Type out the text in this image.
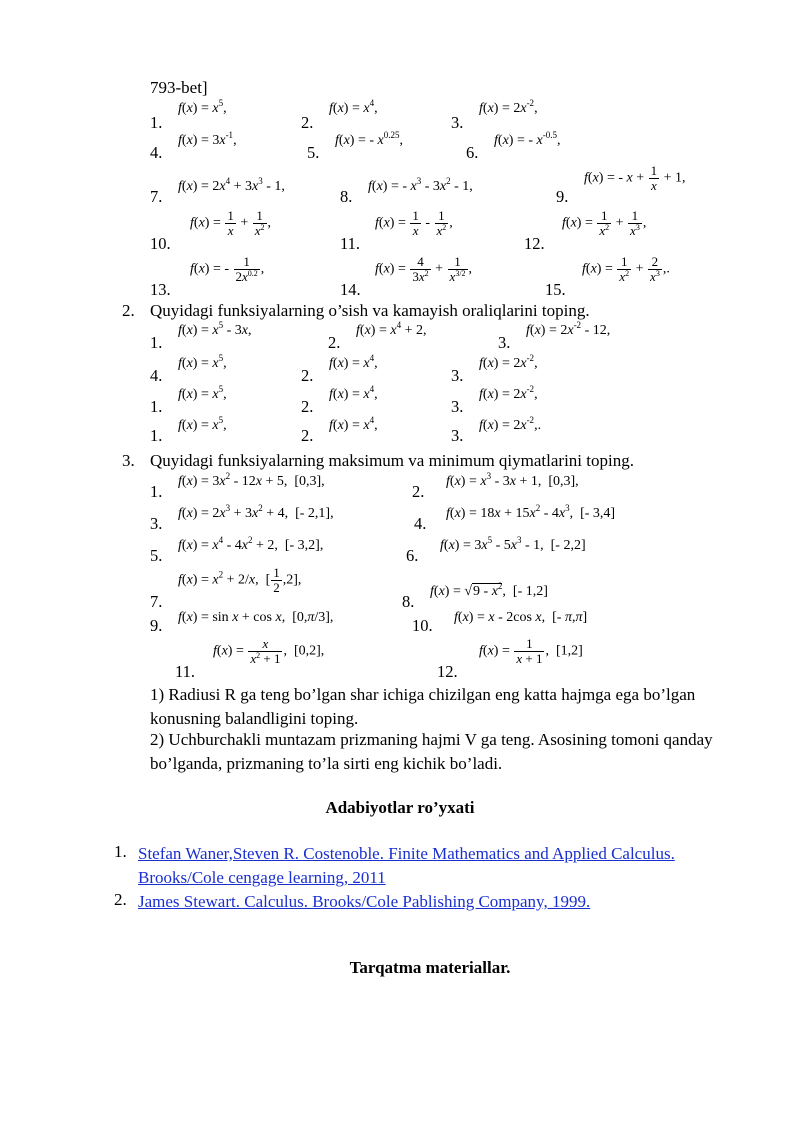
793-bet]
1.
$f(x) = x^5$,
2.
$f(x) = x^4$,
3.
$f(x) = 2x^{-2}$,
4.
$f(x) = 3x^{-1}$,
5.
f(x) = - $x^{0.25}$,
6.
f(x) = - $x^{-0.5}$,
7.
$f(x) = 2x^4 + 3x^3 - 1$,
8.
f(x) = - $x^3 - 3x^2 - 1$,
9.
f(x) = - $x + \frac{1}{x} + 1$,
10.
$f(x) = \frac{1}{x} + \frac{1}{x^2}$ ,
11.
$f(x) = \frac{1}{x} - \frac{1}{x^2}$ ,
12.
$f(x) = \frac{1}{x^2} + \frac{1}{x^3}$ ,
13.
f(x) = - $\frac{1}{2x^{0.2}}$ ,
14.
$f(x) = \frac{4}{3x^2} + \frac{1}{x^{3/2}}$ ,
15.
$f(x) = \frac{1}{x^2} + \frac{2}{x^3}$ ,.
2. Quyidagi funksiyalarning o’sish va kamayish oraliqlarini toping.
1.
$f(x) = x^5 - 3x$,
2.
$f(x) = x^4 + 2$,
3.
$f(x) = 2x^{-2} - 12$,
4.
$f(x) = x^5$,
2.
$f(x) = x^4$,
3.
$f(x) = 2x^{-2}$,
1.
$f(x) = x^5$,
2.
$f(x) = x^4$,
3.
$f(x) = 2x^{-2}$,
1.
$f(x) = x^5$,
2.
$f(x) = x^4$,
3.
$f(x) = 2x^{-2}$,.
3. Quyidagi funksiyalarning maksimum va minimum qiymatlarini toping.
1.
$f(x) = 3x^2 - 12x + 5$,  [0,3],
2.
$f(x) = x^3 - 3x + 1$,  [0,3],
3.
$f(x) = 2x^3 + 3x^2 + 4$,  [- 2,1],
4.
$f(x) = 18x + 15x^2 - 4x^3$,  [- 3,4]
5.
$f(x) = x^4 - 4x^2 + 2$,  [- 3,2],
6.
$f(x) = 3x^5 - 5x^3 - 1$,  [- 2,2]
7.
$f(x) = x^2 + 2/x$,  [ $\frac{1}{2} ,2$],
8.
$f(x) = √9 - x^2$,  [- 1,2]
9. f(x) = sin x + cos x,  [0,π/3],	10. f(x) = x - 2cos x,  [- π,π]
11.
$f(x) = \frac{x}{x^2 + 1}$ ,  [0,2],
12.
$f(x) = \frac{1}{x + 1}$ ,  [1,2]
1) Radiusi R ga teng bo’lgan shar ichiga chizilgan eng katta hajmga ega bo’lgan konusning balandligini toping.
2) Uchburchakli muntazam prizmaning hajmi V ga teng. Asosining tomoni qanday bo’lganda, prizmaning to’la sirti eng kichik bo’ladi.
Adabiyotlar ro’yxati
1. Stefan Waner,Steven R. Costenoble. Finite Mathematics and Applied Calculus. Brooks/Cole cengage learning, 2011
2. James Stewart. Calculus. Brooks/Cole Pablishing Company, 1999.
Tarqatma materiallar.
